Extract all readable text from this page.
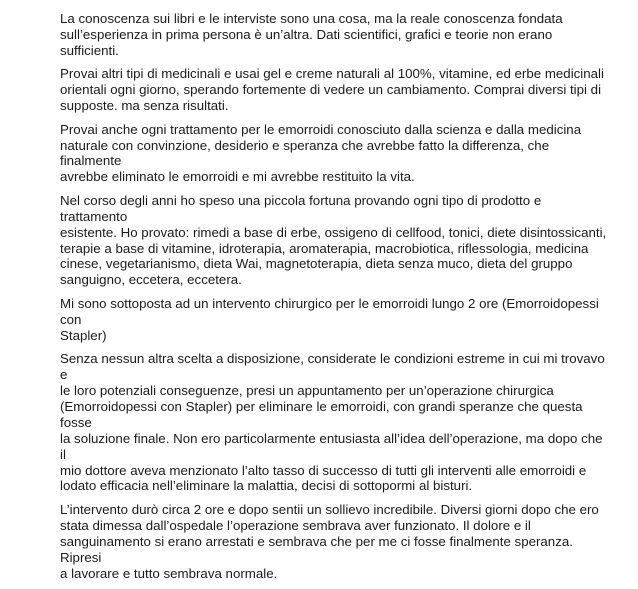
La conoscenza sui libri e le interviste sono una cosa, ma la reale conoscenza fondata
sull’esperienza in prima persona è un’altra. Dati scientifici, grafici e teorie non erano sufficienti.

Provai altri tipi di medicinali e usai gel e creme naturali al 100%, vitamine, ed erbe medicinali
orientali ogni giorno, sperando fortemente di vedere un cambiamento. Comprai diversi tipi di
supposte. ma senza risultati.

Provai anche ogni trattamento per le emorroidi conosciuto dalla scienza e dalla medicina
naturale con convinzione, desiderio e speranza che avrebbe fatto la differenza, che finalmente
avrebbe eliminato le emorroidi e mi avrebbe restituito la vita.

Nel corso degli anni ho speso una piccola fortuna provando ogni tipo di prodotto e trattamento
esistente. Ho provato: rimedi a base di erbe, ossigeno di cellfood, tonici, diete disintossicanti,
terapie a base di vitamine, idroterapia, aromaterapia, macrobiotica, riflessologia, medicina
cinese, vegetarianismo, dieta Wai, magnetoterapia, dieta senza muco, dieta del gruppo
sanguigno, eccetera, eccetera.

Mi sono sottoposta ad un intervento chirurgico per le emorroidi lungo 2 ore (Emorroidopessi con
Stapler)

Senza nessun altra scelta a disposizione, considerate le condizioni estreme in cui mi trovavo e
le loro potenziali conseguenze, presi un appuntamento per un’operazione chirurgica
(Emorroidopessi con Stapler) per eliminare le emorroidi, con grandi speranze che questa fosse
la soluzione finale. Non ero particolarmente entusiasta all’idea dell’operazione, ma dopo che il
mio dottore aveva menzionato l’alto tasso di successo di tutti gli interventi alle emorroidi e
lodato efficacia nell’eliminare la malattia, decisi di sottopormi al bisturi.

L’intervento durò circa 2 ore e dopo sentii un sollievo incredibile. Diversi giorni dopo che ero
stata dimessa dall’ospedale l’operazione sembrava aver funzionato. Il dolore e il
sanguinamento si erano arrestati e sembrava che per me ci fosse finalmente speranza. Ripresi
a lavorare e tutto sembrava normale.
